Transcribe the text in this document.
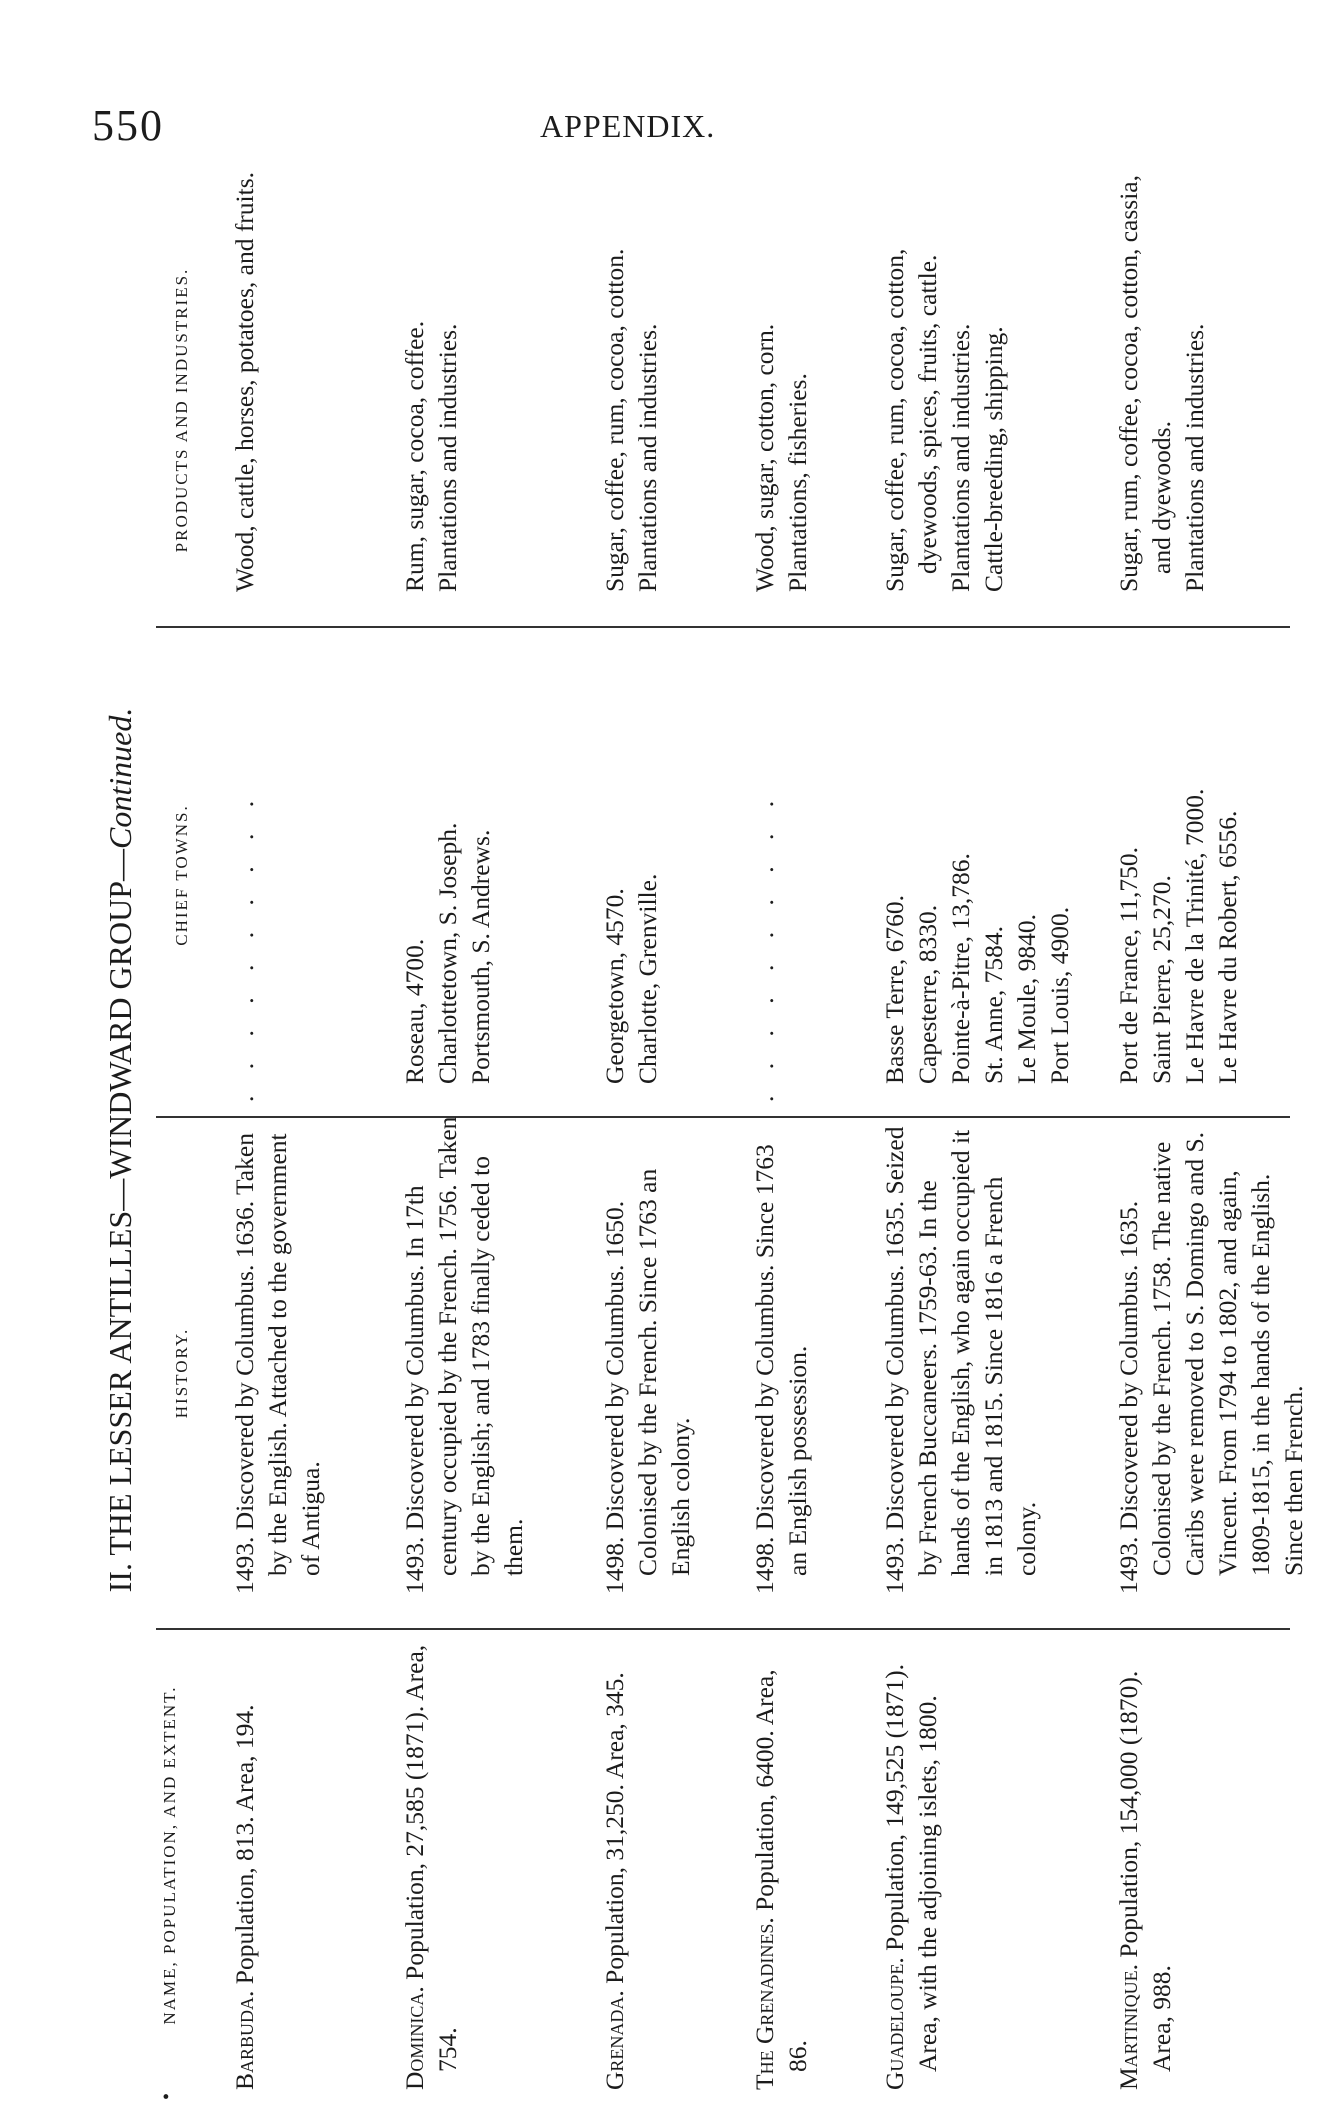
550	APPENDIX.
II. THE LESSER ANTILLES—WINDWARD GROUP—Continued.
•
NAME, POPULATION, AND EXTENT.
HISTORY.
CHIEF TOWNS.
PRODUCTS AND INDUSTRIES.
Barbuda. Population, 813. Area, 194.

1493. Discovered by Columbus. 1636. Taken by the English. Attached to the government of Antigua.

. . . . . . . . . .

Wood, cattle, horses, potatoes, and fruits.

Dominica. Population, 27,585 (1871). Area, 754.

1493. Discovered by Columbus. In 17th century occupied by the French. 1756. Taken by the English; and 1783 finally ceded to them.

Roseau, 4700. Charlottetown, S. Joseph. Portsmouth, S. Andrews.

Rum, sugar, cocoa, coffee. Plantations and industries.

Grenada. Population, 31,250. Area, 345.

1498. Discovered by Columbus. 1650. Colonised by the French. Since 1763 an English colony.

Georgetown, 4570. Charlotte, Grenville.

Sugar, coffee, rum, cocoa, cotton. Plantations and industries.

The Grenadines. Population, 6400. Area, 86.

1498. Discovered by Columbus. Since 1763 an English possession.

. . . . . . . . . .

Wood, sugar, cotton, corn. Plantations, fisheries.

Guadeloupe. Population, 149,525 (1871). Area, with the adjoining islets, 1800.

1493. Discovered by Columbus. 1635. Seized by French Buccaneers. 1759-63. In the hands of the English, who again occupied it in 1813 and 1815. Since 1816 a French colony.

Basse Terre, 6760. Capesterre, 8330. Pointe-à-Pitre, 13,786. St. Anne, 7584. Le Moule, 9840. Port Louis, 4900.

Sugar, coffee, rum, cocoa, cotton, dyewoods, spices, fruits, cattle. Plantations and industries. Cattle-breeding, shipping.

Martinique. Population, 154,000 (1870). Area, 988.

1493. Discovered by Columbus. 1635. Colonised by the French. 1758. The native Caribs were removed to S. Domingo and S. Vincent. From 1794 to 1802, and again, 1809-1815, in the hands of the English. Since then French.

Port de France, 11,750. Saint Pierre, 25,270. Le Havre de la Trinité, 7000. Le Havre du Robert, 6556.

Sugar, rum, coffee, cocoa, cotton, cassia, and dyewoods. Plantations and industries.
